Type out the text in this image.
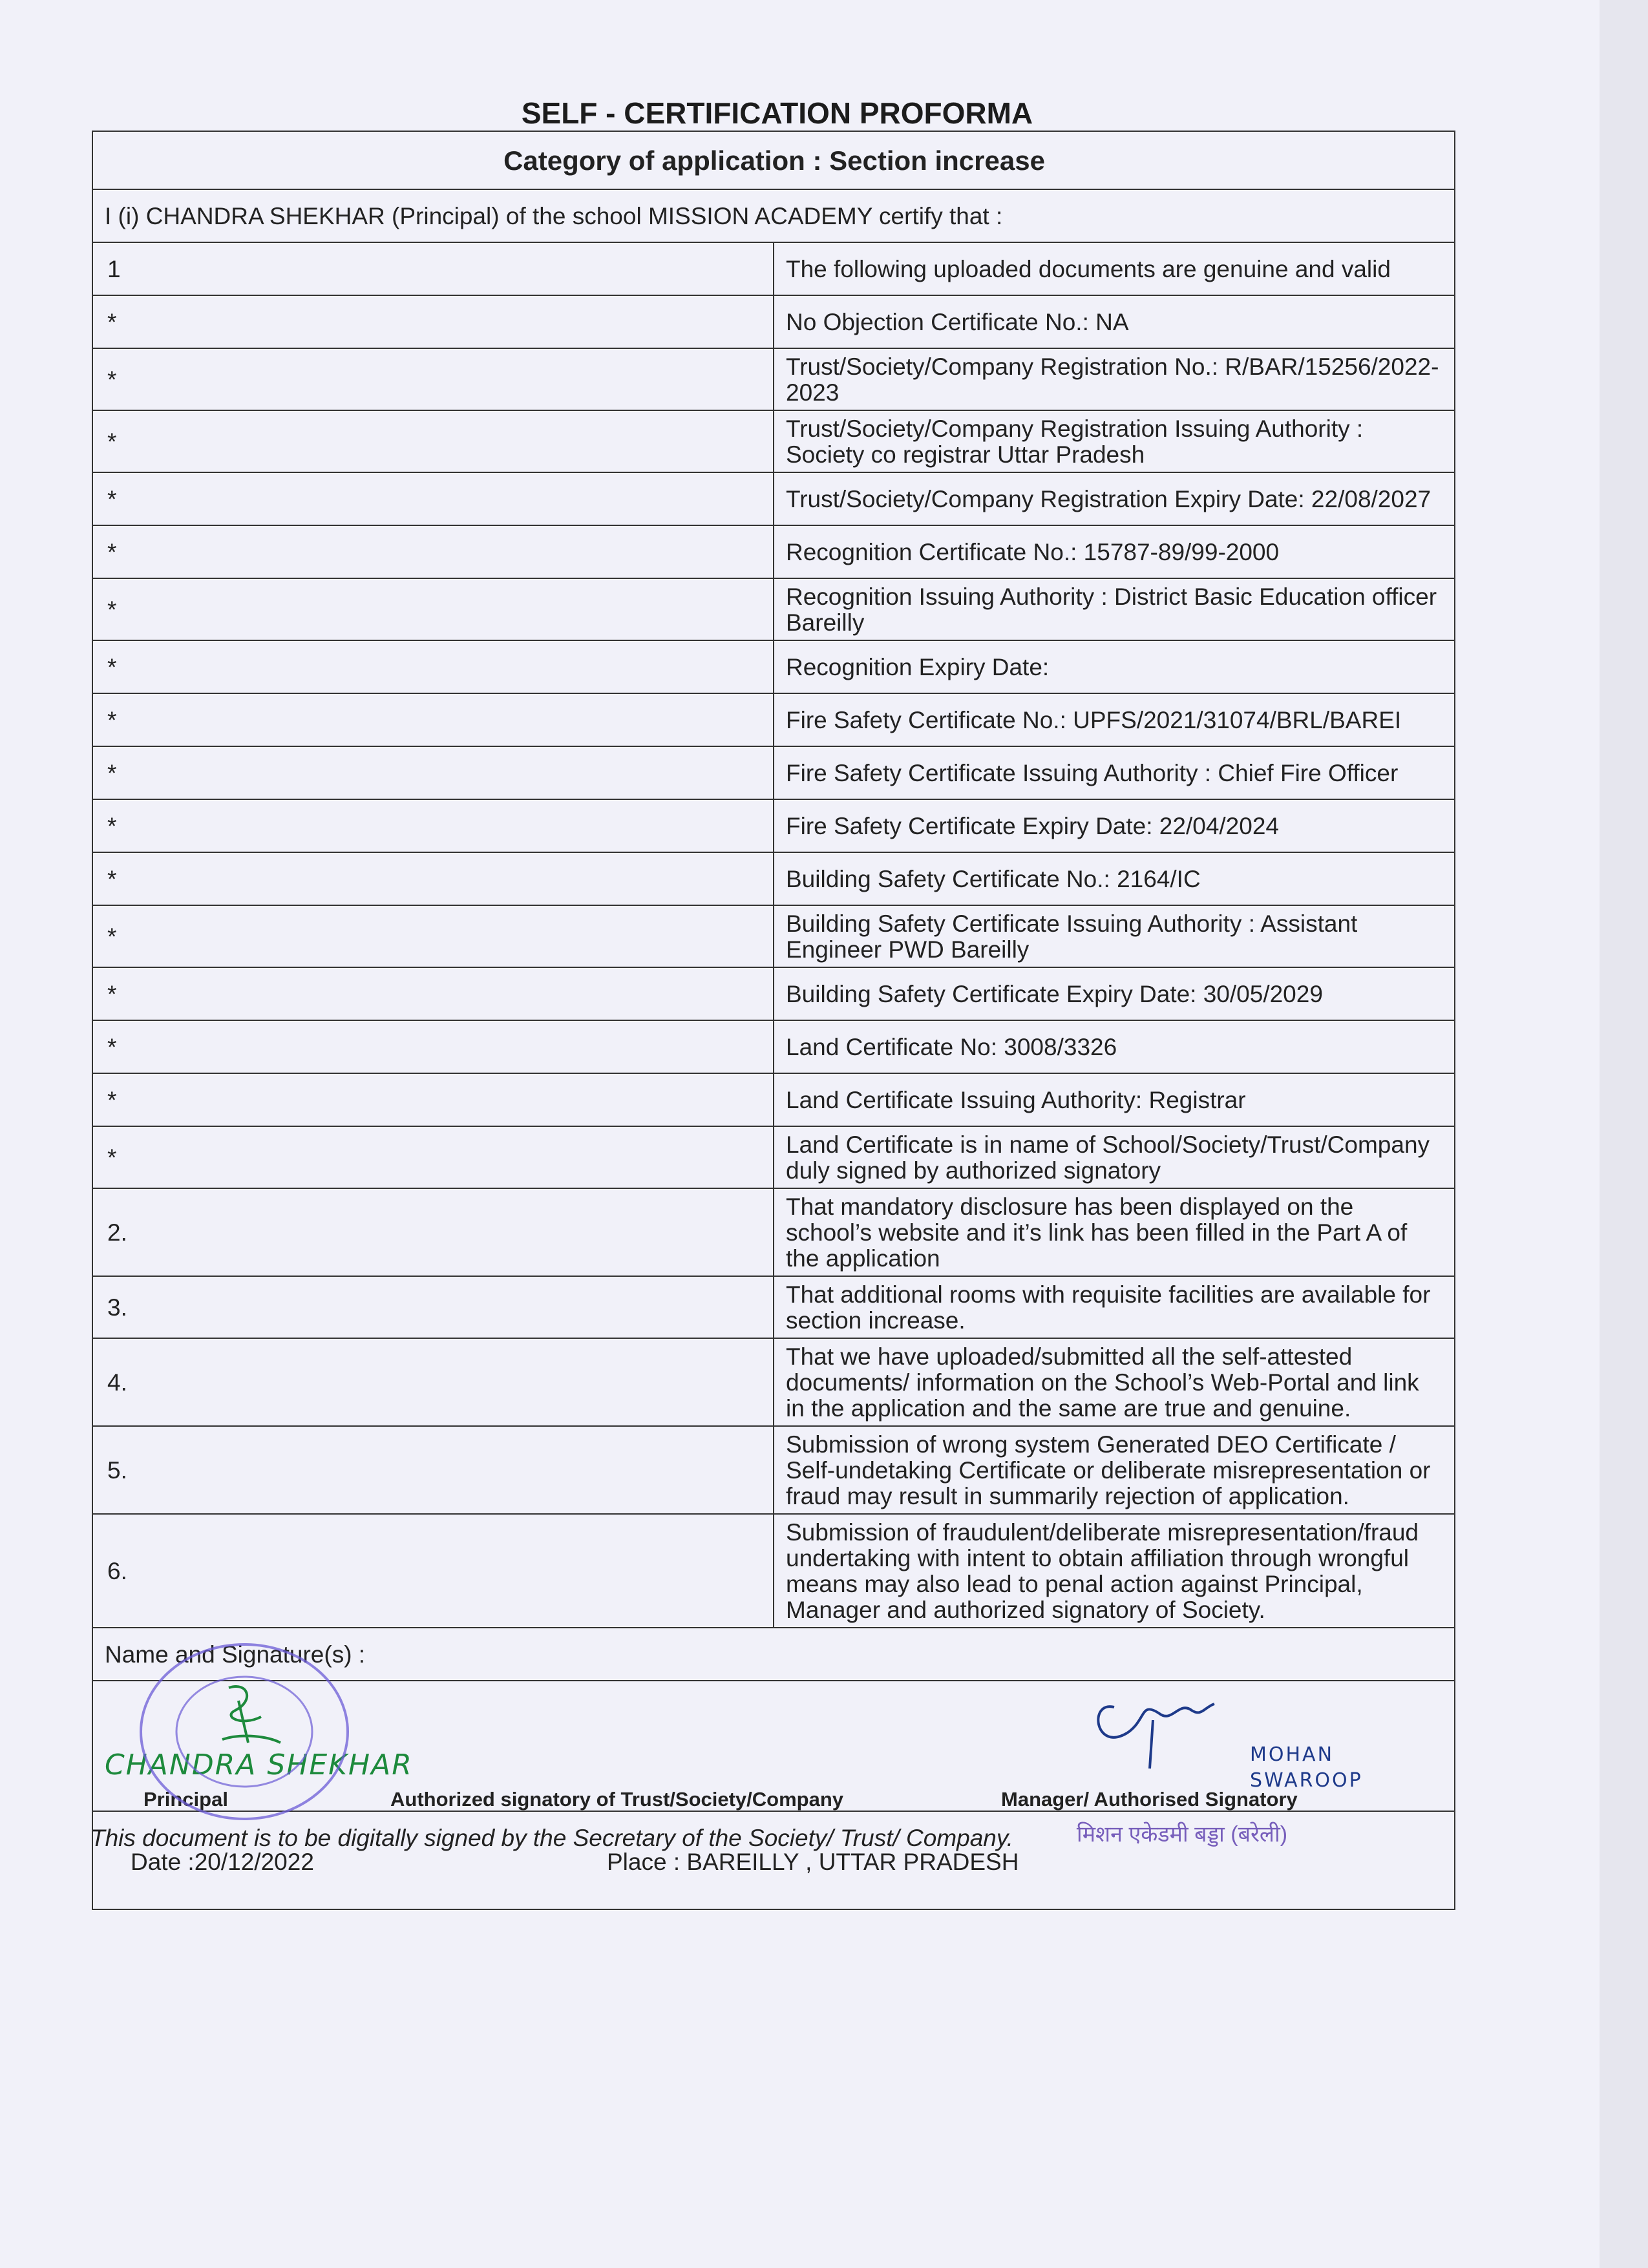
SELF - CERTIFICATION PROFORMA
Category of application : Section increase	
I (i) CHANDRA SHEKHAR (Principal) of the school MISSION ACADEMY certify that :	
1	The following uploaded documents are genuine and valid
*	No Objection Certificate No.: NA
*	Trust/Society/Company Registration No.: R/BAR/15256/2022-2023
*	Trust/Society/Company Registration Issuing Authority : Society co registrar Uttar Pradesh
*	Trust/Society/Company Registration Expiry Date: 22/08/2027
*	Recognition Certificate No.: 15787-89/99-2000
*	Recognition Issuing Authority : District Basic Education officer Bareilly
*	Recognition Expiry Date:
*	Fire Safety Certificate No.: UPFS/2021/31074/BRL/BAREI
*	Fire Safety Certificate Issuing Authority : Chief Fire Officer
*	Fire Safety Certificate Expiry Date: 22/04/2024
*	Building Safety Certificate No.: 2164/IC
*	Building Safety Certificate Issuing Authority : Assistant Engineer PWD Bareilly
*	Building Safety Certificate Expiry Date: 30/05/2029
*	Land Certificate No: 3008/3326
*	Land Certificate Issuing Authority: Registrar
*	Land Certificate is in name of School/Society/Trust/Company duly signed by authorized signatory
2.	That mandatory disclosure has been displayed on the school’s website and it’s link has been filled in the Part A of the application
3.	That additional rooms with requisite facilities are available for section increase.
4.	That we have uploaded/submitted all the self-attested documents/ information on the School’s Web-Portal and link in the application and the same are true and genuine.
5.	Submission of wrong system Generated DEO Certificate / Self-undetaking Certificate or deliberate misrepresentation or fraud may result in summarily rejection of application.
6.	Submission of fraudulent/deliberate misrepresentation/fraud undertaking with intent to obtain affiliation through wrongful means may also lead to penal action against Principal, Manager and authorized signatory of Society.
Name and Signature(s) :	

CHANDRA SHEKHAR
Principal Authorized signatory of Trust/Society/Company
MOHAN SWAROOP
Manager/ Authorised Signatory	

Date :20/12/2022 Place : BAREILLY , UTTAR PRADESH
मिशन एकेडमी बड्डा (बरेली)	
This document is to be digitally signed by the Secretary of the Society/ Trust/ Company.
